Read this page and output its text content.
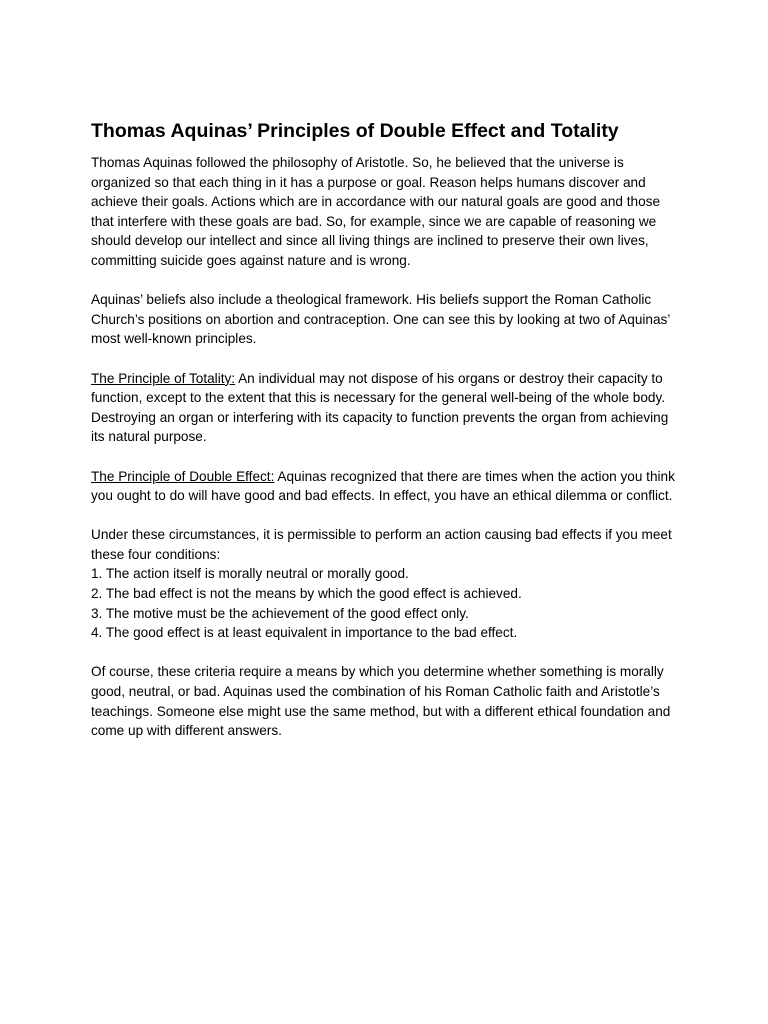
Thomas Aquinas’ Principles of Double Effect and Totality

Thomas Aquinas followed the philosophy of Aristotle. So, he believed that the universe is organized so that each thing in it has a purpose or goal. Reason helps humans discover and achieve their goals. Actions which are in accordance with our natural goals are good and those that interfere with these goals are bad. So, for example, since we are capable of reasoning we should develop our intellect and since all living things are inclined to preserve their own lives, committing suicide goes against nature and is wrong.

Aquinas’ beliefs also include a theological framework. His beliefs support the Roman Catholic Church’s positions on abortion and contraception. One can see this by looking at two of Aquinas’ most well-known principles.

The Principle of Totality: An individual may not dispose of his organs or destroy their capacity to function, except to the extent that this is necessary for the general well-being of the whole body. Destroying an organ or interfering with its capacity to function prevents the organ from achieving its natural purpose.

The Principle of Double Effect: Aquinas recognized that there are times when the action you think you ought to do will have good and bad effects. In effect, you have an ethical dilemma or conflict.

Under these circumstances, it is permissible to perform an action causing bad effects if you meet these four conditions:

1. The action itself is morally neutral or morally good.
2. The bad effect is not the means by which the good effect is achieved.
3. The motive must be the achievement of the good effect only.
4. The good effect is at least equivalent in importance to the bad effect.

Of course, these criteria require a means by which you determine whether something is morally good, neutral, or bad. Aquinas used the combination of his Roman Catholic faith and Aristotle’s teachings. Someone else might use the same method, but with a different ethical foundation and come up with different answers.
